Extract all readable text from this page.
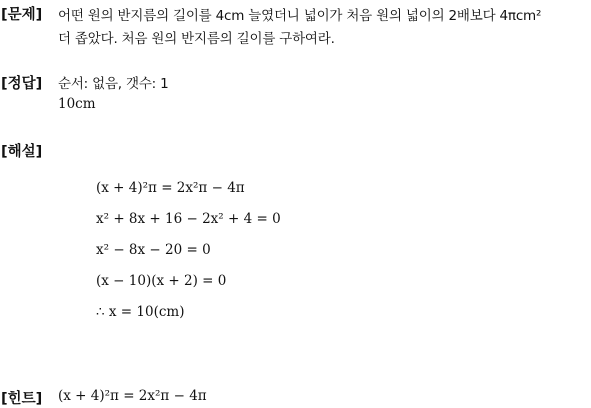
[문제] 어떤 원의 반지름의 길이를 4cm 늘였더니 넓이가 처음 원의 넓이의 2배보다 4πcm²
더 좁았다. 처음 원의 반지름의 길이를 구하여라.
[정답] 순서: 없음, 갯수: 1
10cm
[해설]
(x + 4)²π = 2x²π − 4π
x² + 8x + 16 − 2x² + 4 = 0
x² − 8x − 20 = 0
(x − 10)(x + 2) = 0
∴ x = 10(cm)
[힌트] (x + 4)²π = 2x²π − 4π
